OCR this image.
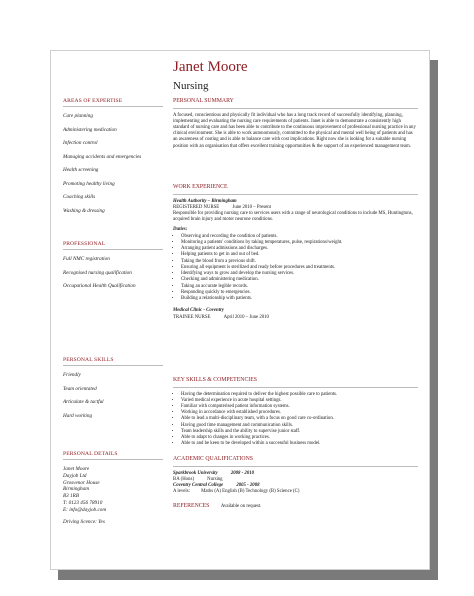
Janet Moore
Nursing
AREAS OF EXPERTISE
Care planning
Administering medication
Infection control
Managing accidents and emergencies
Health screening
Promoting healthy living
Coaching skills
Washing & dressing
PROFESSIONAL
Full NMC registration
Recognised nursing qualification
Occupational Health Qualification
PERSONAL SKILLS
Friendly
Team orientated
Articulate & tactful
Hard working
PERSONAL DETAILS
Janet Moore
Dayjob Ltd
Grosvenor House
Birmingham
B3 1RB
T: 0123 456 78910
E: info@dayjob.com
Driving licence: Yes
PERSONAL SUMMARY
A focused, conscientious and physically fit individual who has a long track record of successfully identifying, planning, implementing and evaluating the nursing care requirements of patients. Janet is able to demonstrate a consistently high standard of nursing care and has been able to contribute to the continuous improvement of professional nursing practice in any clinical environment. She is able to work autonomously, committed to the physical and mental well being of patients and has an awareness of costing and is able to balance care with cost implications. Right now she is looking for a suitable nursing position with an organisation that offers excellent training opportunities & the support of an experienced management team.
WORK EXPERIENCE
Health Authority – Birmingham
REGISTERED NURSE	June 2010 – Present
Responsible for providing nursing care to services users with a range of neurological conditions to include MS, Huntingtons, acquired brain injury and motor neurone conditions.
Duties:
• Observing and recording the condition of patients.
• Monitoring a patients' conditions by taking temperatures, pulse, respirations/weight.
• Arranging patient admissions and discharges.
• Helping patients to get in and out of bed.
• Taking the blood from a previous shift.
• Ensuring all equipment is sterilized and ready before procedures and treatments.
• Identifying ways to grow and develop the nursing services.
• Checking and administering medication.
• Taking an accurate legible records.
• Responding quickly to emergencies.
• Building a relationship with patients.
Medical Clinic - Coventry
TRAINEE NURSE	April 2010 – June 2010
KEY SKILLS & COMPETENCIES
• Having the determination required to deliver the highest possible care to patients.
• Varied medical experience in acute hospital settings.
• Familiar with computerised patient information systems.
• Working in accordance with established procedures.
• Able to lead a multi-disciplinary team, with a focus on good care co-ordination.
• Having good time management and communication skills.
• Team leadership skills and the ability to supervise junior staff.
• Able to adapt to changes in working practices.
• Able to and be keen to be developed within a successful business model.
ACADEMIC QUALIFICATIONS
Sparkbrook University	2008 - 2010
BA (Hons)	Nursing
Coventry Central College	2005 - 2008
A levels: Maths (A) English (B) Technology (B) Science (C)
REFERENCES Available on request.
